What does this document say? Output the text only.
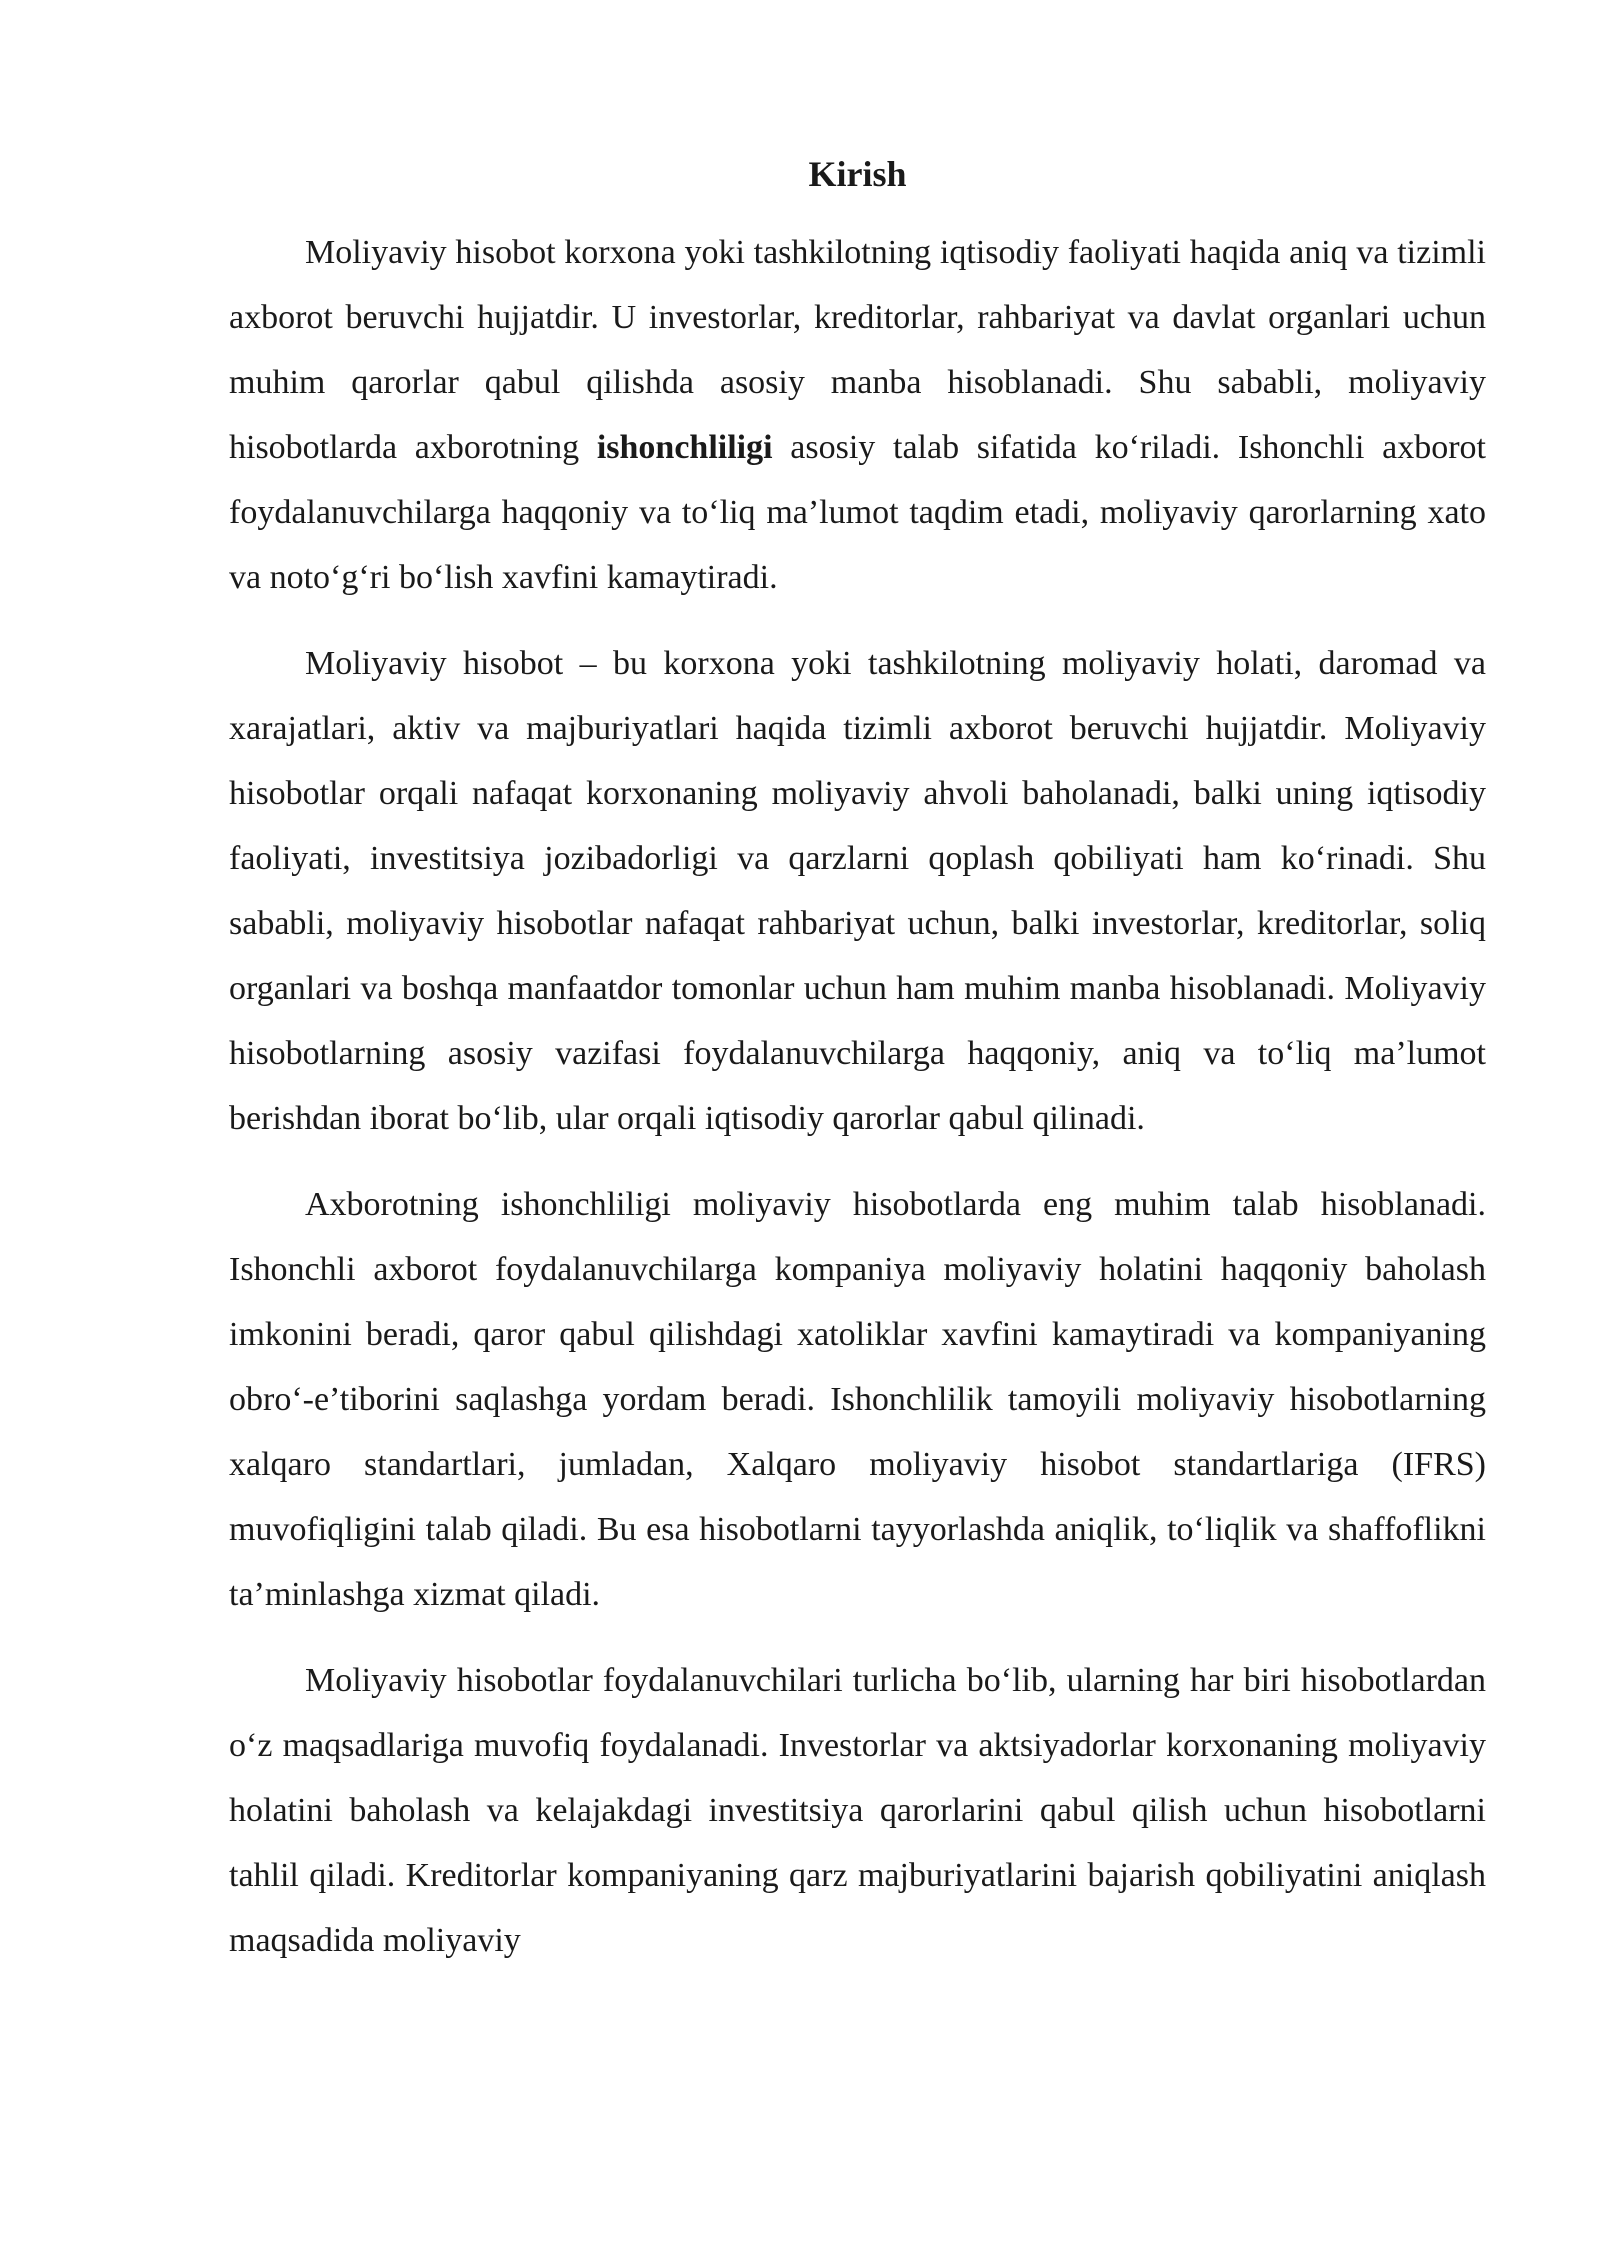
Kirish

Moliyaviy hisobot korxona yoki tashkilotning iqtisodiy faoliyati haqida aniq va tizimli axborot beruvchi hujjatdir. U investorlar, kreditorlar, rahbariyat va davlat organlari uchun muhim qarorlar qabul qilishda asosiy manba hisoblanadi. Shu sababli, moliyaviy hisobotlarda axborotning ishonchliligi asosiy talab sifatida ko‘riladi. Ishonchli axborot foydalanuvchilarga haqqoniy va to‘liq ma’lumot taqdim etadi, moliyaviy qarorlarning xato va noto‘g‘ri bo‘lish xavfini kamaytiradi.

Moliyaviy hisobot – bu korxona yoki tashkilotning moliyaviy holati, daromad va xarajatlari, aktiv va majburiyatlari haqida tizimli axborot beruvchi hujjatdir. Moliyaviy hisobotlar orqali nafaqat korxonaning moliyaviy ahvoli baholanadi, balki uning iqtisodiy faoliyati, investitsiya jozibadorligi va qarzlarni qoplash qobiliyati ham ko‘rinadi. Shu sababli, moliyaviy hisobotlar nafaqat rahbariyat uchun, balki investorlar, kreditorlar, soliq organlari va boshqa manfaatdor tomonlar uchun ham muhim manba hisoblanadi. Moliyaviy hisobotlarning asosiy vazifasi foydalanuvchilarga haqqoniy, aniq va to‘liq ma’lumot berishdan iborat bo‘lib, ular orqali iqtisodiy qarorlar qabul qilinadi.

Axborotning ishonchliligi moliyaviy hisobotlarda eng muhim talab hisoblanadi. Ishonchli axborot foydalanuvchilarga kompaniya moliyaviy holatini haqqoniy baholash imkonini beradi, qaror qabul qilishdagi xatoliklar xavfini kamaytiradi va kompaniyaning obro‘-e’tiborini saqlashga yordam beradi. Ishonchlilik tamoyili moliyaviy hisobotlarning xalqaro standartlari, jumladan, Xalqaro moliyaviy hisobot standartlariga (IFRS) muvofiqligini talab qiladi. Bu esa hisobotlarni tayyorlashda aniqlik, to‘liqlik va shaffoflikni ta’minlashga xizmat qiladi.

Moliyaviy hisobotlar foydalanuvchilari turlicha bo‘lib, ularning har biri hisobotlardan o‘z maqsadlariga muvofiq foydalanadi. Investorlar va aktsiyadorlar korxonaning moliyaviy holatini baholash va kelajakdagi investitsiya qarorlarini qabul qilish uchun hisobotlarni tahlil qiladi. Kreditorlar kompaniyaning qarz majburiyatlarini bajarish qobiliyatini aniqlash maqsadida moliyaviy
